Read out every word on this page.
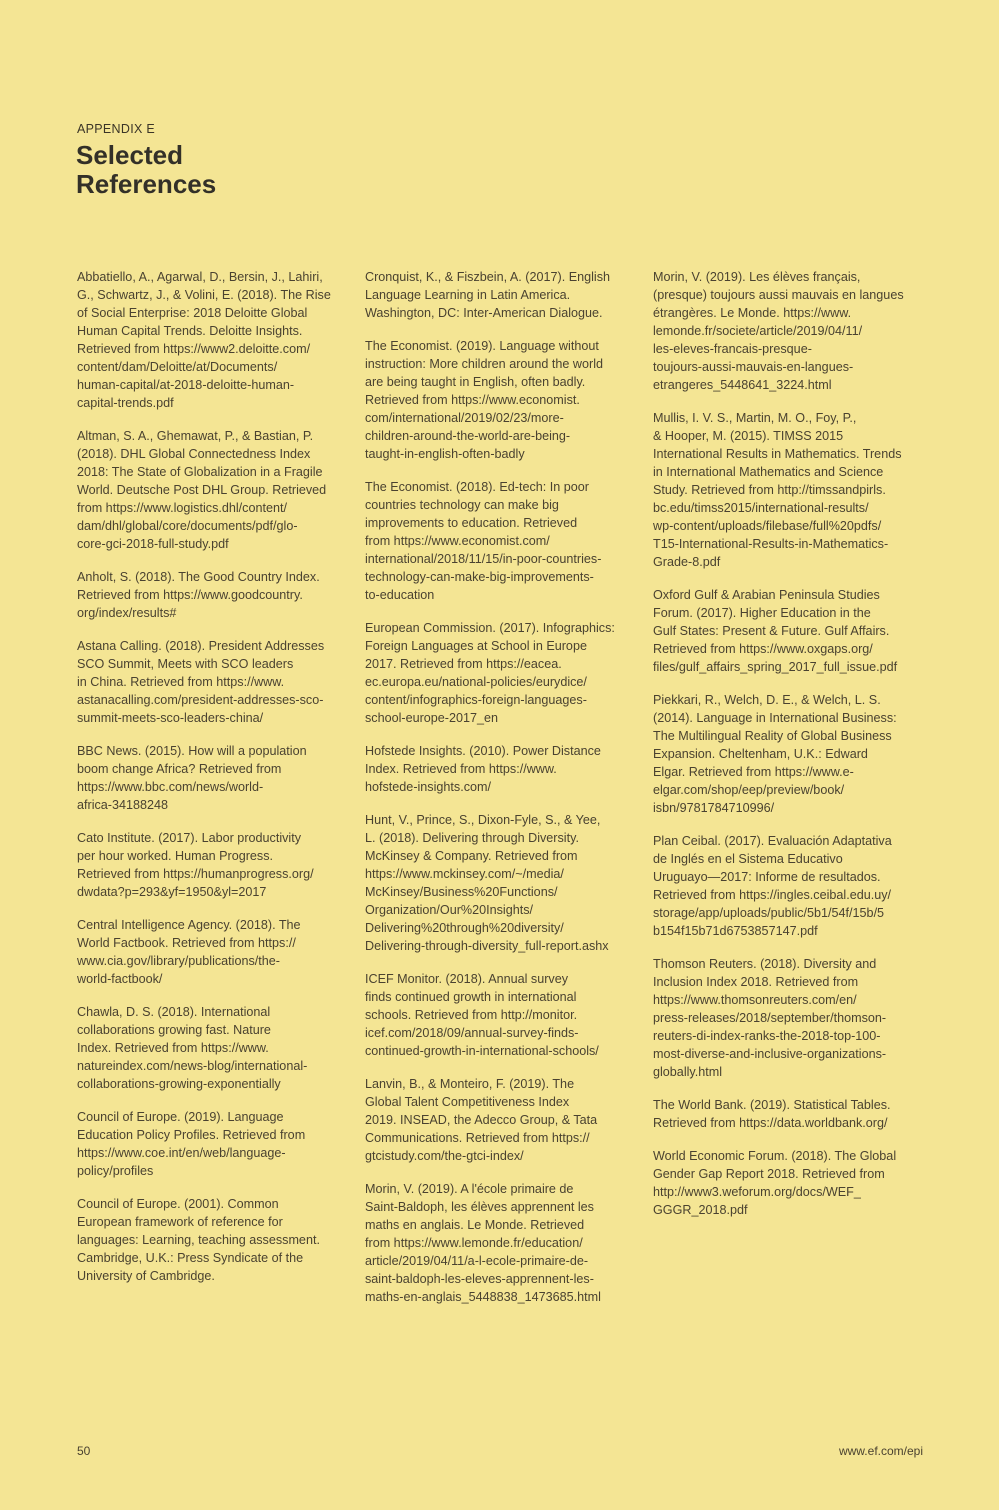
APPENDIX E
Selected
References

Abbatiello, A., Agarwal, D., Bersin, J., Lahiri,
G., Schwartz, J., & Volini, E. (2018). The Rise
of Social Enterprise: 2018 Deloitte Global
Human Capital Trends. Deloitte Insights.
Retrieved from https://www2.deloitte.com/
content/dam/Deloitte/at/Documents/
human-capital/at-2018-deloitte-human-
capital-trends.pdf

Altman, S. A., Ghemawat, P., & Bastian, P.
(2018). DHL Global Connectedness Index
2018: The State of Globalization in a Fragile
World. Deutsche Post DHL Group. Retrieved
from https://www.logistics.dhl/content/
dam/dhl/global/core/documents/pdf/glo-
core-gci-2018-full-study.pdf

Anholt, S. (2018). The Good Country Index.
Retrieved from https://www.goodcountry.
org/index/results#

Astana Calling. (2018). President Addresses
SCO Summit, Meets with SCO leaders
in China. Retrieved from https://www.
astanacalling.com/president-addresses-sco-
summit-meets-sco-leaders-china/

BBC News. (2015). How will a population
boom change Africa? Retrieved from
https://www.bbc.com/news/world-
africa-34188248

Cato Institute. (2017). Labor productivity
per hour worked. Human Progress.
Retrieved from https://humanprogress.org/
dwdata?p=293&yf=1950&yl=2017

Central Intelligence Agency. (2018). The
World Factbook. Retrieved from https://
www.cia.gov/library/publications/the-
world-factbook/

Chawla, D. S. (2018). International
collaborations growing fast. Nature
Index. Retrieved from https://www.
natureindex.com/news-blog/international-
collaborations-growing-exponentially

Council of Europe. (2019). Language
Education Policy Profiles. Retrieved from
https://www.coe.int/en/web/language-
policy/profiles

Council of Europe. (2001). Common
European framework of reference for
languages: Learning, teaching assessment.
Cambridge, U.K.: Press Syndicate of the
University of Cambridge.

Cronquist, K., & Fiszbein, A. (2017). English
Language Learning in Latin America.
Washington, DC: Inter-American Dialogue.

The Economist. (2019). Language without
instruction: More children around the world
are being taught in English, often badly.
Retrieved from https://www.economist.
com/international/2019/02/23/more-
children-around-the-world-are-being-
taught-in-english-often-badly

The Economist. (2018). Ed-tech: In poor
countries technology can make big
improvements to education. Retrieved
from https://www.economist.com/
international/2018/11/15/in-poor-countries-
technology-can-make-big-improvements-
to-education

European Commission. (2017). Infographics:
Foreign Languages at School in Europe
2017. Retrieved from https://eacea.
ec.europa.eu/national-policies/eurydice/
content/infographics-foreign-languages-
school-europe-2017_en

Hofstede Insights. (2010). Power Distance
Index. Retrieved from https://www.
hofstede-insights.com/

Hunt, V., Prince, S., Dixon-Fyle, S., & Yee,
L. (2018). Delivering through Diversity.
McKinsey & Company. Retrieved from
https://www.mckinsey.com/~/media/
McKinsey/Business%20Functions/
Organization/Our%20Insights/
Delivering%20through%20diversity/
Delivering-through-diversity_full-report.ashx

ICEF Monitor. (2018). Annual survey
finds continued growth in international
schools. Retrieved from http://monitor.
icef.com/2018/09/annual-survey-finds-
continued-growth-in-international-schools/

Lanvin, B., & Monteiro, F. (2019). The
Global Talent Competitiveness Index
2019. INSEAD, the Adecco Group, & Tata
Communications. Retrieved from https://
gtcistudy.com/the-gtci-index/

Morin, V. (2019). A l'école primaire de
Saint-Baldoph, les élèves apprennent les
maths en anglais. Le Monde. Retrieved
from https://www.lemonde.fr/education/
article/2019/04/11/a-l-ecole-primaire-de-
saint-baldoph-les-eleves-apprennent-les-
maths-en-anglais_5448838_1473685.html

Morin, V. (2019). Les élèves français,
(presque) toujours aussi mauvais en langues
étrangères. Le Monde. https://www.
lemonde.fr/societe/article/2019/04/11/
les-eleves-francais-presque-
toujours-aussi-mauvais-en-langues-
etrangeres_5448641_3224.html

Mullis, I. V. S., Martin, M. O., Foy, P.,
& Hooper, M. (2015). TIMSS 2015
International Results in Mathematics. Trends
in International Mathematics and Science
Study. Retrieved from http://timssandpirls.
bc.edu/timss2015/international-results/
wp-content/uploads/filebase/full%20pdfs/
T15-International-Results-in-Mathematics-
Grade-8.pdf

Oxford Gulf & Arabian Peninsula Studies
Forum. (2017). Higher Education in the
Gulf States: Present & Future. Gulf Affairs.
Retrieved from https://www.oxgaps.org/
files/gulf_affairs_spring_2017_full_issue.pdf

Piekkari, R., Welch, D. E., & Welch, L. S.
(2014). Language in International Business:
The Multilingual Reality of Global Business
Expansion. Cheltenham, U.K.: Edward
Elgar. Retrieved from https://www.e-
elgar.com/shop/eep/preview/book/
isbn/9781784710996/

Plan Ceibal. (2017). Evaluación Adaptativa
de Inglés en el Sistema Educativo
Uruguayo—2017: Informe de resultados.
Retrieved from https://ingles.ceibal.edu.uy/
storage/app/uploads/public/5b1/54f/15b/5
b154f15b71d6753857147.pdf

Thomson Reuters. (2018). Diversity and
Inclusion Index 2018. Retrieved from
https://www.thomsonreuters.com/en/
press-releases/2018/september/thomson-
reuters-di-index-ranks-the-2018-top-100-
most-diverse-and-inclusive-organizations-
globally.html

The World Bank. (2019). Statistical Tables.
Retrieved from https://data.worldbank.org/

World Economic Forum. (2018). The Global
Gender Gap Report 2018. Retrieved from
http://www3.weforum.org/docs/WEF_
GGGR_2018.pdf

50	www.ef.com/epi
